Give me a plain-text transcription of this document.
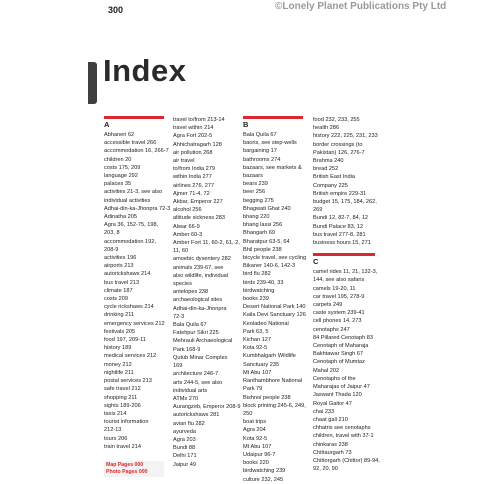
300	©Lonely Planet Publications Pty Ltd
Index
A
Abhaneri 62
accessible travel 266
accommodation 16, 266-7
children 20
costs 175, 209
language 292
palaces 35
activities 21-3, see also
individual activities
Adhai-din-ka-Jhonpra 72-3
Adinatha 205
Agra 36, 152-75, 198,
203, 8
accommodation 192,
208-9
activities 196
airports 213
autorickshaws 214
bus travel 213
climate 187
costs 209
cycle rickshaws 214
drinking 211
emergency services 212
festivals 205
food 197, 209-11
history 189
medical services 212
money 212
nightlife 211
postal services 213
safe travel 212
shopping 211
sights 189-206
taxis 214
tourist information
212-13
tours 206
train travel 214
travel to/from 213-14
travel within 214
Agra Fort 202-5
Ahhichatragarh 128
air pollution 268
air travel
to/from India 279
within India 277
airlines 276, 277
Ajmer 71-4, 72
Akbar, Emperor 227
alcohol 256
altitude sickness 283
Alwar 66-9
Amber 60-3
Amber Fort 11, 60-2, 61, 2,
11, 60
amoebic dysentery 282
animals 239-67, see
also wildlife, individual
species
antelopes 238
archaeological sites
Adhai-din-ka-Jhonpra
72-3
Bala Quila 67
Fatehpur Sikri 225
Mehrauli Archaeological
Park 168-9
Qutub Minar Complex
169
architecture 246-7
arts 244-5, see also
individual arts
ATMs 270
Aurangzeb, Emperor 208-9
autorickshaws 281
avian flu 282
ayurveda
Agra 203
Bundi 88
Delhi 171
Jaipur 49
B
Bala Quila 67
baoris, see step-wells
bargaining 17
bathrooms 274
bazaars, see markets &
bazaars
bears 239
beer 256
begging 275
Bhagwati Ghat 240
bhang 220
bhang lassi 256
Bhangarh 69
Bharatpur 63-5, 64
Bhil people 238
bicycle travel, see cycling
Bikaner 140-6, 142-3
bird flu 282
birds 239-40, 33
birdwatching
books 239
Desert National Park 140
Kaila Devi Sanctuary 126
Keoladeo National
Park 63, 5
Kichan 127
Kota 92-5
Kumbhalgarh Wildlife
Sanctuary 235
Mt Abu 107
Ranthambhore National
Park 79
Bishnoi people 238
block printing 245-6, 249,
250
boat trips
Agra 204
Kota 92-5
Mt Abu 107
Udaipur 96-7
books 220
birdwatching 239
culture 232, 245
food 232, 233, 255
health 286
history 222, 225, 231, 233
border crossings (to
Pakistan) 126, 276-7
Brahma 240
bread 252
British East India
Company 225
British empire 229-31
budget 15, 175, 184, 262,
269
Bundi 12, 82-7, 84, 12
Bundi Palace 83, 12
bus travel 277-8, 281
business hours 15, 271
C
camel rides 11, 21, 132-3,
144, see also safaris
camels 19-20, 11
car travel 195, 278-9
carpets 249
caste system 239-41
cell phones 14, 273
cenotaphs 247
84 Pillared Cenotaph 83
Cenotaph of Maharaja
Bakhtawar Singh 67
Cenotaph of Mumtaz
Mahal 202
Cenotaphs of the
Maharajas of Jaipur 47
Jaswant Thada 120
Royal Gaitor 47
chai 233
chaat gali 210
chhatris see cenotaphs
children, travel with 37-1
chinkaras 238
Chittaurgarh 73
Chittorgarh (Chittor) 89-94,
92, 20, 90
Map Pages 000
Photo Pages 000
